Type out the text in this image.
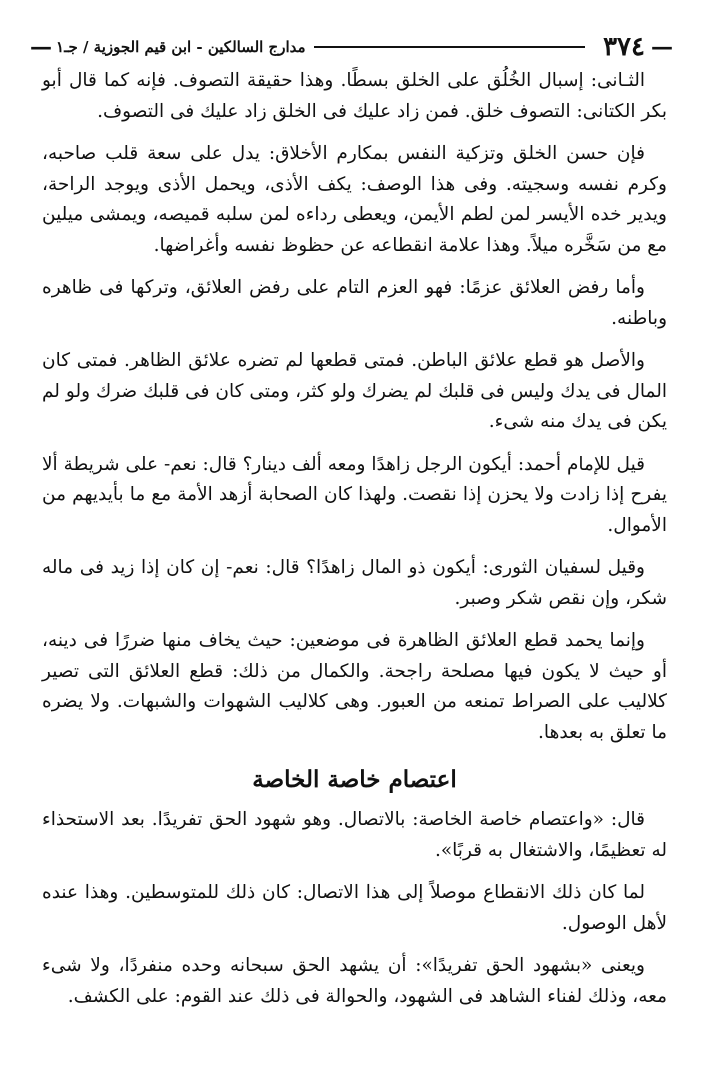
—
٣٧٤
مدارج السالكين - ابن قيم الجوزية / جـ١
—

الثـانى: إسبال الخُلُق على الخلق بسطًا. وهذا حقيقة التصوف. فإنه كما قال أبو بكر الكتانى: التصوف خلق. فمن زاد عليك فى الخلق زاد عليك فى التصوف.

فإن حسن الخلق وتزكية النفس بمكارم الأخلاق: يدل على سعة قلب صاحبه، وكرم نفسه وسجيته. وفى هذا الوصف: يكف الأذى، ويحمل الأذى ويوجد الراحة، ويدير خده الأيسر لمن لطم الأيمن، ويعطى رداءه لمن سلبه قميصه، ويمشى ميلين مع من سَخَّره ميلاً. وهذا علامة انقطاعه عن حظوظ نفسه وأغراضها.

وأما رفض العلائق عزمًا: فهو العزم التام على رفض العلائق، وتركها فى ظاهره وباطنه.

والأصل هو قطع علائق الباطن. فمتى قطعها لم تضره علائق الظاهر. فمتى كان المال فى يدك وليس فى قلبك لم يضرك ولو كثر، ومتى كان فى قلبك ضرك ولو لم يكن فى يدك منه شىء.

قيل للإمام أحمد: أيكون الرجل زاهدًا ومعه ألف دينار؟ قال: نعم- على شريطة ألا يفرح إذا زادت ولا يحزن إذا نقصت. ولهذا كان الصحابة أزهد الأمة مع ما بأيديهم من الأموال.

وقيل لسفيان الثورى: أيكون ذو المال زاهدًا؟ قال: نعم- إن كان إذا زيد فى ماله شكر، وإن نقص شكر وصبر.

وإنما يحمد قطع العلائق الظاهرة فى موضعين: حيث يخاف منها ضررًا فى دينه، أو حيث لا يكون فيها مصلحة راجحة. والكمال من ذلك: قطع العلائق التى تصير كلاليب على الصراط تمنعه من العبور. وهى كلاليب الشهوات والشبهات. ولا يضره ما تعلق به بعدها.

اعتصام خاصة الخاصة

قال: «واعتصام خاصة الخاصة: بالاتصال. وهو شهود الحق تفريدًا. بعد الاستحذاء له تعظيمًا، والاشتغال به قربًا».

لما كان ذلك الانقطاع موصلاً إلى هذا الاتصال: كان ذلك للمتوسطين. وهذا عنده لأهل الوصول.

ويعنى «بشهود الحق تفريدًا»: أن يشهد الحق سبحانه وحده منفردًا، ولا شىء معه، وذلك لفناء الشاهد فى الشهود، والحوالة فى ذلك عند القوم: على الكشف.
